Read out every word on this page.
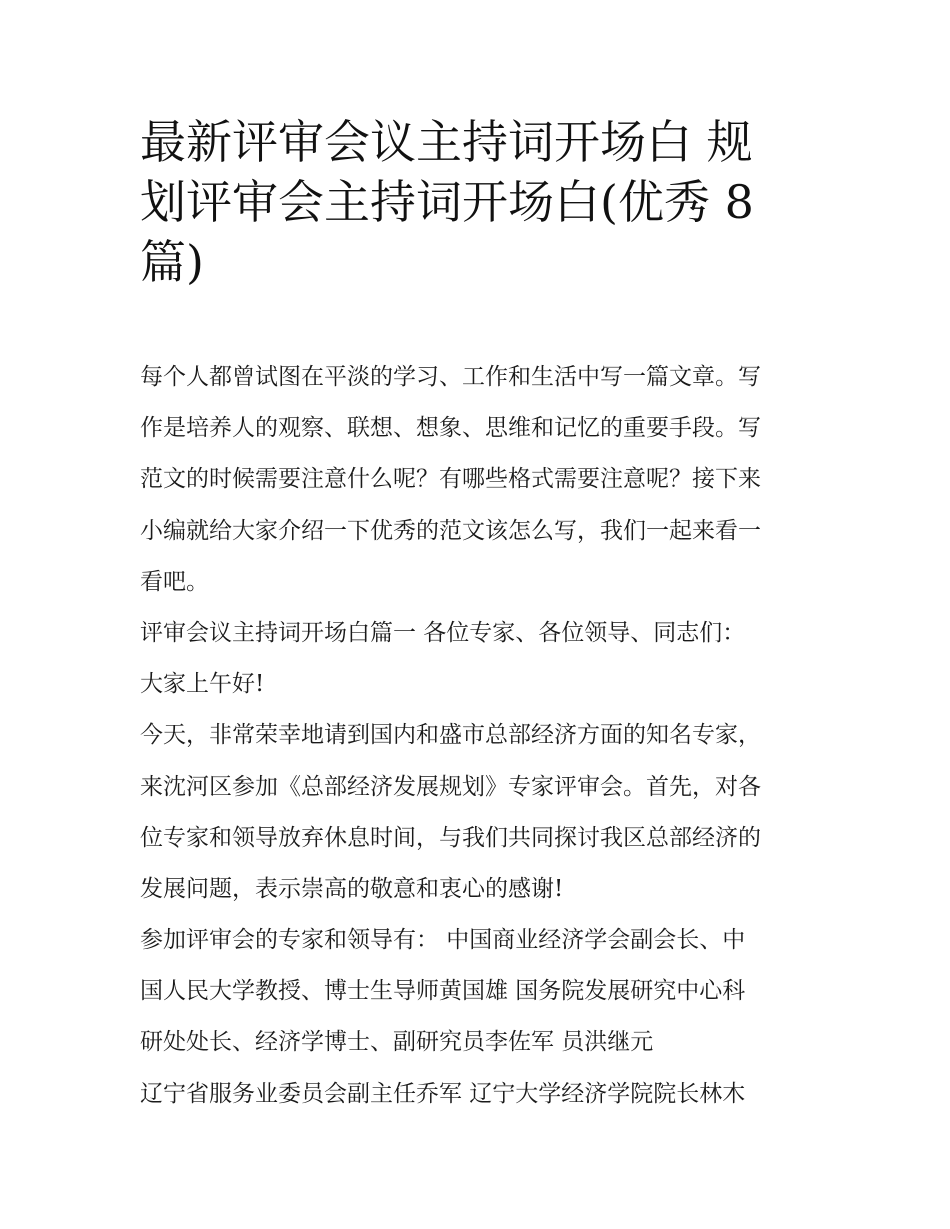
最新评审会议主持词开场白 规
划评审会主持词开场白(优秀 8
篇)
每个人都曾试图在平淡的学习、工作和生活中写一篇文章。写
作是培养人的观察、联想、想象、思维和记忆的重要手段。写
范文的时候需要注意什么呢？有哪些格式需要注意呢？接下来
小编就给大家介绍一下优秀的范文该怎么写，我们一起来看一
看吧。
评审会议主持词开场白篇一 各位专家、各位领导、同志们：
大家上午好!
今天，非常荣幸地请到国内和盛市总部经济方面的知名专家，
来沈河区参加《总部经济发展规划》专家评审会。首先，对各
位专家和领导放弃休息时间，与我们共同探讨我区总部经济的
发展问题，表示崇高的敬意和衷心的感谢!
参加评审会的专家和领导有： 中国商业经济学会副会长、中
国人民大学教授、博士生导师黄国雄 国务院发展研究中心科
研处处长、经济学博士、副研究员李佐军 员洪继元
辽宁省服务业委员会副主任乔军 辽宁大学经济学院院长林木
